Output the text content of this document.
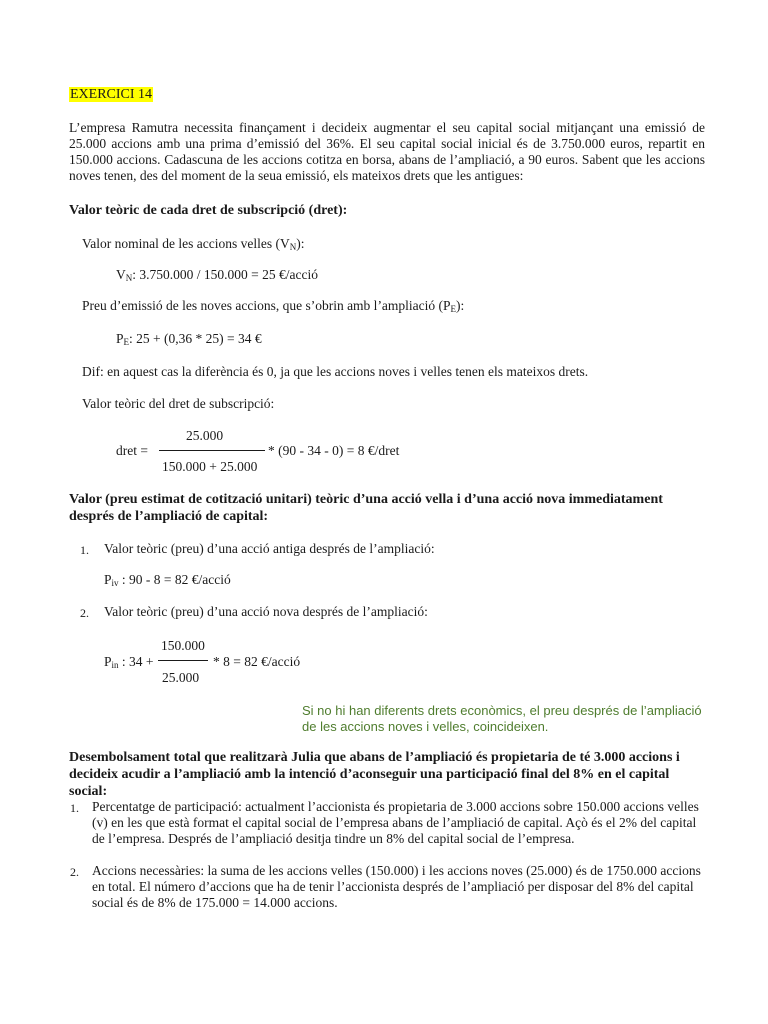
EXERCICI 14
L’empresa Ramutra necessita finançament i decideix augmentar el seu capital social mitjançant una emissió de 25.000 accions amb una prima d’emissió del 36%. El seu capital social inicial és de 3.750.000 euros, repartit en 150.000 accions. Cadascuna de les accions cotitza en borsa, abans de l’ampliació, a 90 euros. Sabent que les accions noves tenen, des del moment de la seua emissió, els mateixos drets que les antigues:
Valor teòric de cada dret de subscripció (dret):
Valor nominal de les accions velles $(V_N)$:
$V_N$: 3.750.000 / 150.000 = 25 €/acció
Preu d’emissió de les noves accions, que s’obrin amb l’ampliació $(P_E)$:
$P_E$: 25 + (0,36 * 25) = 34 €
Dif: en aquest cas la diferència és 0, ja que les accions noves i velles tenen els mateixos drets.
Valor teòric del dret de subscripció:
dret =
25.000
150.000 + 25.000
* (90 - 34 - 0) = 8 €/dret
Valor (preu estimat de cotització unitari) teòric d’una acció vella i d’una acció nova immediatament després de l’ampliació de capital:
1. Valor teòric (preu) d’una acció antiga després de l’ampliació:
$P_{iv}$ : 90 - 8 = 82 €/acció
2. Valor teòric (preu) d’una acció nova després de l’ampliació:
$P_{in}$ : 34 +
150.000
25.000
* 8 = 82 €/acció
Si no hi han diferents drets econòmics, el preu després de l’ampliació de les accions noves i velles, coincideixen.
Desembolsament total que realitzarà Julia que abans de l’ampliació és propietaria de té 3.000 accions i decideix acudir a l’ampliació amb la intenció d’aconseguir una participació final del 8% en el capital social:
1. Percentatge de participació: actualment l’accionista és propietaria de 3.000 accions sobre 150.000 accions velles (v) en les que està format el capital social de l’empresa abans de l’ampliació de capital. Açò és el 2% del capital de l’empresa. Després de l’ampliació desitja tindre un 8% del capital social de l’empresa.
2. Accions necessàries: la suma de les accions velles (150.000) i les accions noves (25.000) és de 1750.000 accions en total. El número d’accions que ha de tenir l’accionista després de l’ampliació per disposar del 8% del capital social és de 8% de 175.000 = 14.000 accions.
